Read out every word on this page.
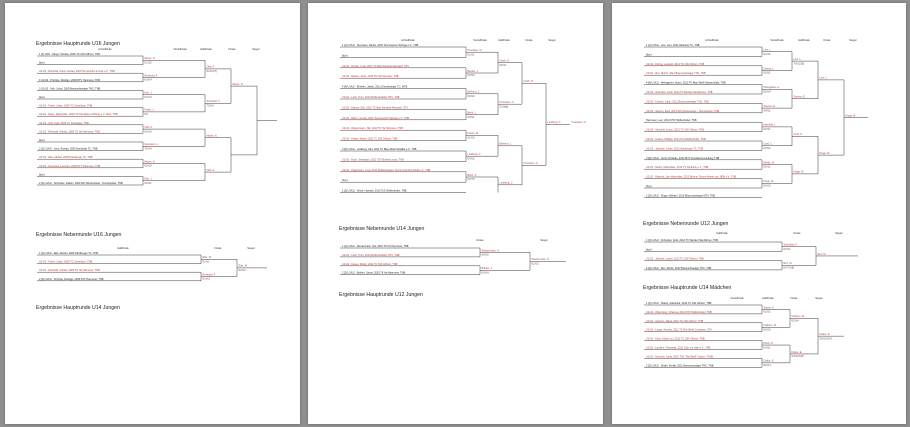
Ergebnisse Hauptrunde U16 Jungen
Achtelfinale	Viertelfinale	Halbfinale	Finale	Sieger
1 [1] 1321 - Meyer, Nicolas, 2009 TC GW Gifhorn, TNB
[bye]
U1/U2 - Reinhold, Anton Gustav, 2009 Tennisclub Lemmie e.V., TNB
4 U1/U2 - Prinzipe, Rodrigo, 2009 DTV Hannover, TNB
3 U1/U2 - Kirk, Julius, 2009 Braunschweiger THC, TNB
[bye]
U1/U2 - Frank, Julian, 2009 TC Schwülper, TNB
U1/U2 - Meier, Maximilian, 2009 TK Rot-Weiss Ahrberg e.V. 1911, TNB
U1/U2 - Otto, Kjell, 2009 TC Schwülper, TNB
U1/U2 - Reinhold, Fabian, 2009 TK Ha Hannover, TNB
[bye]
2 [2] U1/U2 - Jenz, Roman, 2009 Nordsolar TC, TNB
U1/U2 - Eiler, Michel, 2009 Hardberger TC, TNB
U1/U2 - Neumann, Leonard, 2009 DTV Hannover, TNB
[bye]
2 [2] U1/U2 - Schreiber, Fabian, 2009 WC Westerstede - Tennissparte, TNB
Meyer, N.
6:1 6:2
Reinhold, A.
6:3 6:4
Kirk, J.
6:1 6:3
Frank, J.
6:4
Otto, K.
6:2 6:3
Neumann, L.
7:5 6:4
Meyer, N.
6:2 6:3
Kirk, J.
6:0 6:1
Otto, K.
6:3 6:4 (7)
Schreiber, F.
7:5 6:4
Meyer, N.
Otto, K.
Meyer, N.
Ergebnisse Nebenrunde U16 Jungen
Halbfinale	Finale	Sieger
1 [1] U1/U2 - Eiler, Michel, 2009 Hardberger TC, TNB
U1/U2 - Frank, Julian, 2009 TC Schwülper, TNB
U1/U2 - Reinhold, Fabian, 2009 TK Ha Hannover, TNB
2 [2] U1/U2 - Prinzipe, Rodrigo, 2009 DTV Hannover, TNB
Eiler, M.
6:1 6:1
Reinhold, F.
6:1 6:3
Eiler, M.
6:2 6:4
Ergebnisse Hauptrunde U14 Jungen
Achtelfinale	Viertelfinale	Halbfinale	Finale	Sieger
1 [1] U1/U2 - Huxmann, Daniel, 2010 Tennisverein Springe e.V., TNB
[bye]
U1/U2 - Hecker, Insel, 2010 TC Bad Sarstedt-Altendorf, STV
U1/U2 - Becker, Janis, 2010 TK Ha Hannover, TNB
4 [4] U1/U2 - Ehrhorn, Jakob, 2011 Dünstebarger TC, WTB
U1/U2 - Lübs, Timo, 2010 Wolfenbütteler THC, TNB
U1/U2 - Brause, Erik, 2010 TC Bad Sarstedt-Altendorf, STV
U1/U2 - Bach, Lennart, 2010 Tennisverein Springe e.V., TNB
U1/U2 - Westermann, Nik, 2010 TK Ha Hannover, TNB
U1/U2 - Kieper, Moritz, 2011 TC SW Gifhorn, TNB
3 [3] U1/U2 - Lindberg, Carl, 2011 TK Blau-Weiß Schaffel e.V., TNB
U1/U2 - Buch, Sebastian, 2011 TSV Bothel-Lonau, TNB
U1/U2 - Hagemann, Luca, 2011 Wolfenbütteler Tennis-Club Rot-Weiß e.V., TNB
[bye]
2 [2] U1/U2 - Ulrich, Hannah, 2010 TuS Wolfenbüttel, TNB
Huxmann, D.
6:1 6:1
Becker, J.
6:4 6:2
Ehrhorn, J.
6:0 6:2
Bach, L.
6:3 6:1
Kieper, M.
6:2 6:3
Lindberg, C.
6:4 6:2
Buch, S.
6:4 7:6
Ulrich, H.
6:0 6:1
Huxmann, D.
5:1 Aufg.
Ehrhorn, J.
Lindberg, C.
Ulrich, H.
Huxmann, D.
Lindberg, C.	Huxmann, D.
Ergebnisse Nebenrunde U14 Jungen
Finale	Sieger
1 [1] U1/U2 - Westermann, Nik, 2010 TK Ha Hannover, TNB
U1/U2 - Lübs, Timo, 2010 Wolfenbütteler THC, TNB
U1/U2 - Kieper, Moritz, 2011 TC SW Gifhorn, TNB
2 [2] U1/U2 - Bohlen, Jonas, 2010 TK Ha Hannover, TNB
Westermann, N.
6:0 6:0
Bohlen, J.
6:3 6:4
Westermann, N.
6:1 6:2
Ergebnisse Hauptrunde U12 Jungen
Achtelfinale	Viertelfinale	Halbfinale	Finale	Sieger
1 [1] U1/U2 - Linz, Lino, 2012 Westerlo TC, TNB
[bye]
U1/U2 - Döring, Leopold, 2013 TC GW Gifhorn, TNB
U1/U2 - Rez, Moritz, 2012 Braunschweiger THC, TNB
4 [4] U1/U2 - Weingarten, Anton, 2012 TK Blau-Weiß Vahrenheide, TNB
U1/U2 - Schreiber, Felix, 2012 TV Werder-Hambühren, TNB
U1/U2 - Kobeck, Kaan, 2012 Braunschweiger THC, TNB
U1/U2 - Sievers, Emil, 2013 WC Westerstede - Tennissparte, TNB
Hannover, Levi, 2014 MTV Wolfenbüttel, TNB
U1/U2 - Ihlenfeld, Lucas, 2013 TC GW Gifhorn, TNB
U1/U2 - Anders, Phillipp, 2013 TuS Wolfenbüttel, TNB
U1/U2 - Jäschke, Jonas, 2012 Hardberger TC, TNB
3 [3] U1/U2 - Cord, Christian, 2012 MTV Friedland Lüneburg, TNB
U1/U2 - Mehlo, Maximilian, 2012 TV Northeim e.V., TNB
U1/U2 - Albrecht, Jan Maximilian, 2013 Bremer Tennis-Verein von 1896 e.V., TNB
[bye]
2 [2] U1/U2 - Kluge, Michael, 2013 Braunschweiger MTV, TNB
Linz, L.
6:1 6:1
Döring, L.
6:3 6:1
Weingarten, A.
6:2 6:4
Sievers, E.
6:4 6:1
Ihlenfeld, L.
6:2 6:1
Cord, C.
6:3 6:2
Mehlo, M.
6:0 6:1
Kluge, M.
6:3 6:3
Linz, L.
7:6 6:2 (5)
Sievers, E.
Cord, C.
Kluge, M.
Linz, L.
Kluge, M.
Kluge, M.
Ergebnisse Nebenrunde U12 Jungen
Halbfinale	Finale	Sieger
1 [1] U1/U2 - Schreiber, Felix, 2012 TV Werder-Hambühren, TNB
[bye]
U1/U2 - Jäschke, Lionel, 2012 TC GW Gifhorn, TNB
2 [2] U1/U2 - Rez, Moritz, 2012 Braunschweiger THC, TNB
Schreiber, F.
6:4 6:1
Rez, M.
6:4 7:6 (5)
Rez, M.
Ergebnisse Hauptrunde U14 Mädchen
Viertelfinale	Halbfinale	Finale	Sieger
1 [1] U1/U2 - Staton, Katharina, 2010 TC GW Gifhorn, TNB
U1/U2 - Ohlenburg, Johanna, 2011 MTV Wolfenbüttel, TNB
U1/U2 - Garbers, Maria, 2010 TC GW Gifhorn, TNB
U1/U2 - Lange, Anneke, 2011 TC Rot-Weiß Cuxhaven, STV
U1/U2 - Kloor, Marie Lou, 2011 TC GW Gifhorn, TNB
U1/U2 - Lambke, Franziska, 2011 Club zur Vahr e.V., TNB
U1/U2 - Heinrich, Carla, 2010 TSV "Rot-Weiß" Sachs, TVNB
2 [2] U1/U2 - Drabe, Emilia, 2011 Braunschweiger THC, TNB
Staton, K.
6:2 6:2
Garbers, M.
6:3 6:3
Kloor, M.
6:3 6:1
Drabe, E.
6:2 6:4
Garbers, M.
6:2 6:4
Drabe, E.
6:4 6:2 10:6
Drabe, E.
3:6 6:3 10:4
